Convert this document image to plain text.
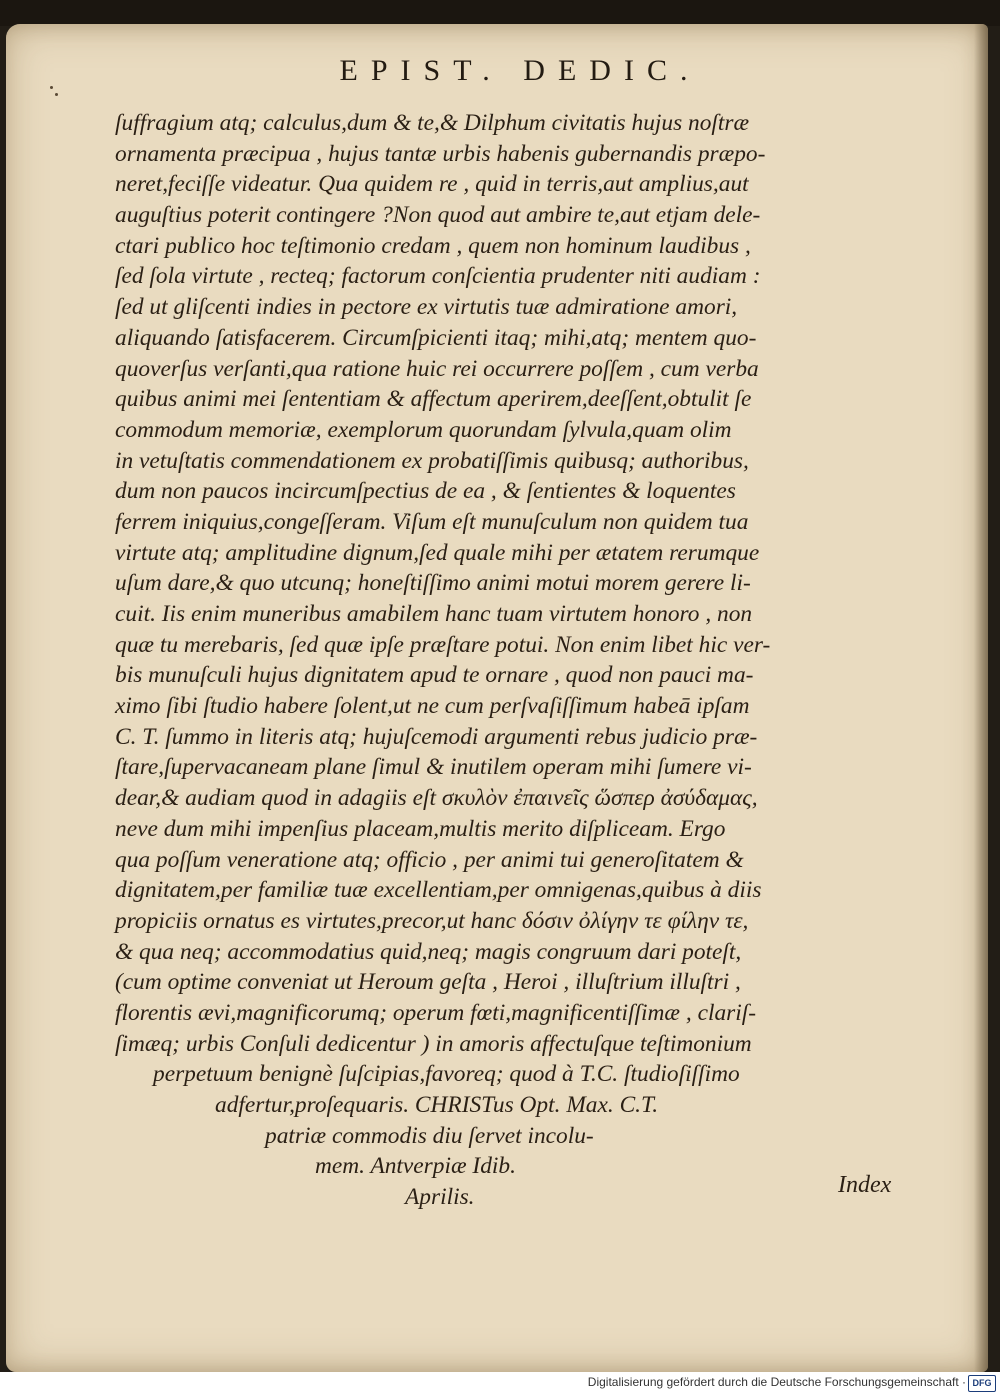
EPIST. DEDIC.
ſuffragium atq; calculus,dum & te,& Dilphum civitatis hujus noſtræ
ornamenta præcipua , hujus tantæ urbis habenis gubernandis præpo-
neret,feciſſe videatur. Qua quidem re , quid in terris,aut amplius,aut
auguſtius poterit contingere ?Non quod aut ambire te,aut etjam dele-
ctari publico hoc teſtimonio credam , quem non hominum laudibus ,
ſed ſola virtute , recteq; factorum conſcientia prudenter niti audiam :
ſed ut gliſcenti indies in pectore ex virtutis tuæ admiratione amori,
aliquando ſatisfacerem. Circumſpicienti itaq; mihi,atq; mentem quo-
quoverſus verſanti,qua ratione huic rei occurrere poſſem , cum verba
quibus animi mei ſententiam & affectum aperirem,deeſſent,obtulit ſe
commodum memoriæ, exemplorum quorundam ſylvula,quam olim
in vetuſtatis commendationem ex probatiſſimis quibusq; authoribus,
dum non paucos incircumſpectius de ea , & ſentientes & loquentes
ferrem iniquius,congeſſeram. Viſum eſt munuſculum non quidem tua
virtute atq; amplitudine dignum,ſed quale mihi per ætatem rerumque
uſum dare,& quo utcunq; honeſtiſſimo animi motui morem gerere li-
cuit. Iis enim muneribus amabilem hanc tuam virtutem honoro , non
quæ tu merebaris, ſed quæ ipſe præſtare potui. Non enim libet hic ver-
bis munuſculi hujus dignitatem apud te ornare , quod non pauci ma-
ximo ſibi ſtudio habere ſolent,ut ne cum perſvaſiſſimum habeā ipſam
C. T. ſummo in literis atq; hujuſcemodi argumenti rebus judicio præ-
ſtare,ſupervacaneam plane ſimul & inutilem operam mihi ſumere vi-
dear,& audiam quod in adagiis eſt σκυλὸν ἐπαινεῖς ὥσπερ ἀσύδαμας,
neve dum mihi impenſius placeam,multis merito diſpliceam. Ergo
qua poſſum veneratione atq; officio , per animi tui generoſitatem &
dignitatem,per familiæ tuæ excellentiam,per omnigenas,quibus à diis
propiciis ornatus es virtutes,precor,ut hanc δόσιν ὀλίγην τε φίλην τε,
& qua neq; accommodatius quid,neq; magis congruum dari poteſt,
(cum optime conveniat ut Heroum geſta , Heroi , illuſtrium illuſtri ,
florentis ævi,magnificorumq; operum fœti,magnificentiſſimæ , clariſ-
ſimæq; urbis Conſuli dedicentur ) in amoris affectuſque teſtimonium
perpetuum benignè ſuſcipias,favoreq; quod à T.C. ſtudioſiſſimo
adfertur,proſequaris. CHRISTus Opt. Max. C.T.
patriæ commodis diu ſervet incolu-
mem. Antverpiæ Idib.
Aprilis.	Index
Digitalisierung gefördert durch die Deutsche Forschungsgemeinschaft · DFG
